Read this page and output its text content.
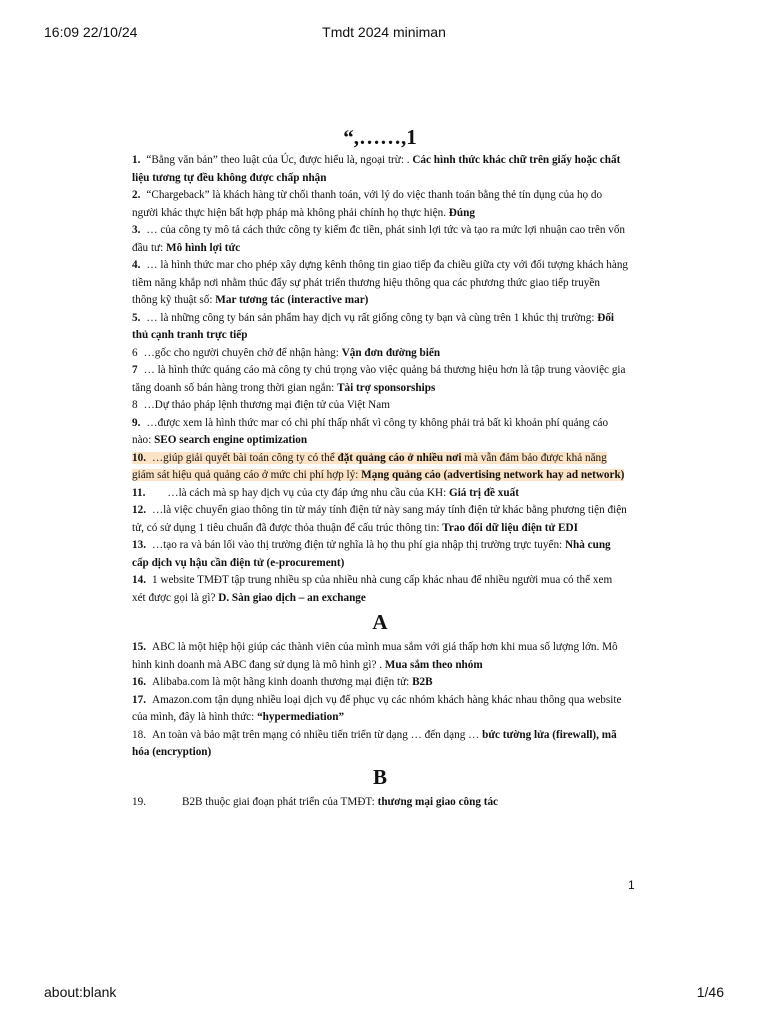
16:09 22/10/24	Tmdt 2024 miniman
“,……,1

1. “Bằng văn bản” theo luật của Úc, được hiểu là, ngoại trừ: . Các hình thức khác chữ trên giấy hoặc chất liệu tương tự đều không được chấp nhận

2. “Chargeback” là khách hàng từ chối thanh toán, với lý do việc thanh toán bằng thẻ tín dụng của họ do người khác thực hiện bất hợp pháp mà không phải chính họ thực hiện. Đúng

3. … của công ty mô tả cách thức công ty kiếm đc tiền, phát sinh lợi tức và tạo ra mức lợi nhuận cao trên vốn đầu tư: Mô hình lợi tức

4. … là hình thức mar cho phép xây dựng kênh thông tin giao tiếp đa chiều giữa cty với đối tượng khách hàng tiềm năng khắp nơi nhằm thúc đẩy sự phát triển thương hiệu thông qua các phương thức giao tiếp truyền thông kỹ thuật số: Mar tương tác (interactive mar)

5. … là những công ty bán sản phẩm hay dịch vụ rất giống công ty bạn và cùng trên 1 khúc thị trường: Đối thủ cạnh tranh trực tiếp

6 …gốc cho người chuyên chở để nhận hàng: Vận đơn đường biển

7 … là hình thức quảng cáo mà công ty chú trọng vào việc quảng bá thương hiệu hơn là tập trung vàoviệc gia tăng doanh số bán hàng trong thời gian ngắn: Tài trợ sponsorships

8 …Dự thảo pháp lệnh thương mại điện tử của Việt Nam

9. …được xem là hình thức mar có chi phí thấp nhất vì công ty không phải trả bất kì khoản phí quảng cáo nào: SEO search engine optimization

10. …giúp giải quyết bài toán công ty có thể đặt quảng cáo ở nhiều nơi mà vẫn đảm bảo được khả năng giám sát hiệu quả quảng cáo ở mức chi phí hợp lý: Mạng quảng cáo (advertising network hay ad network)

11. …là cách mà sp hay dịch vụ của cty đáp ứng nhu cầu của KH: Giá trị đề xuất

12. …là việc chuyển giao thông tin từ máy tính điện tử này sang máy tính điện tử khác bằng phương tiện điện tử, có sử dụng 1 tiêu chuẩn đã được thỏa thuận để cấu trúc thông tin: Trao đổi dữ liệu điện tử EDI

13. …tạo ra và bán lối vào thị trường điện tử nghĩa là họ thu phí gia nhập thị trường trực tuyến: Nhà cung cấp dịch vụ hậu cần điện tử (e-procurement)

14. 1 website TMĐT tập trung nhiều sp của nhiều nhà cung cấp khác nhau để nhiều người mua có thể xem xét được gọi là gì? D. Sàn giao dịch – an exchange

A

15. ABC là một hiệp hội giúp các thành viên của mình mua sắm với giá thấp hơn khi mua số lượng lớn. Mô hình kinh doanh mà ABC đang sử dụng là mô hình gì? . Mua sắm theo nhóm

16. Alibaba.com là một hãng kinh doanh thương mại điện tử: B2B

17. Amazon.com tận dụng nhiều loại dịch vụ để phục vụ các nhóm khách hàng khác nhau thông qua website của mình, đây là hình thức: “hypermediation”

18. An toàn và bảo mật trên mạng có nhiều tiến triển từ dạng … đến dạng … bức tường lửa (firewall), mã hóa (encryption)

B

19.	B2B thuộc giai đoạn phát triển của TMĐT: thương mại giao công tác

1
about:blank	1/46
